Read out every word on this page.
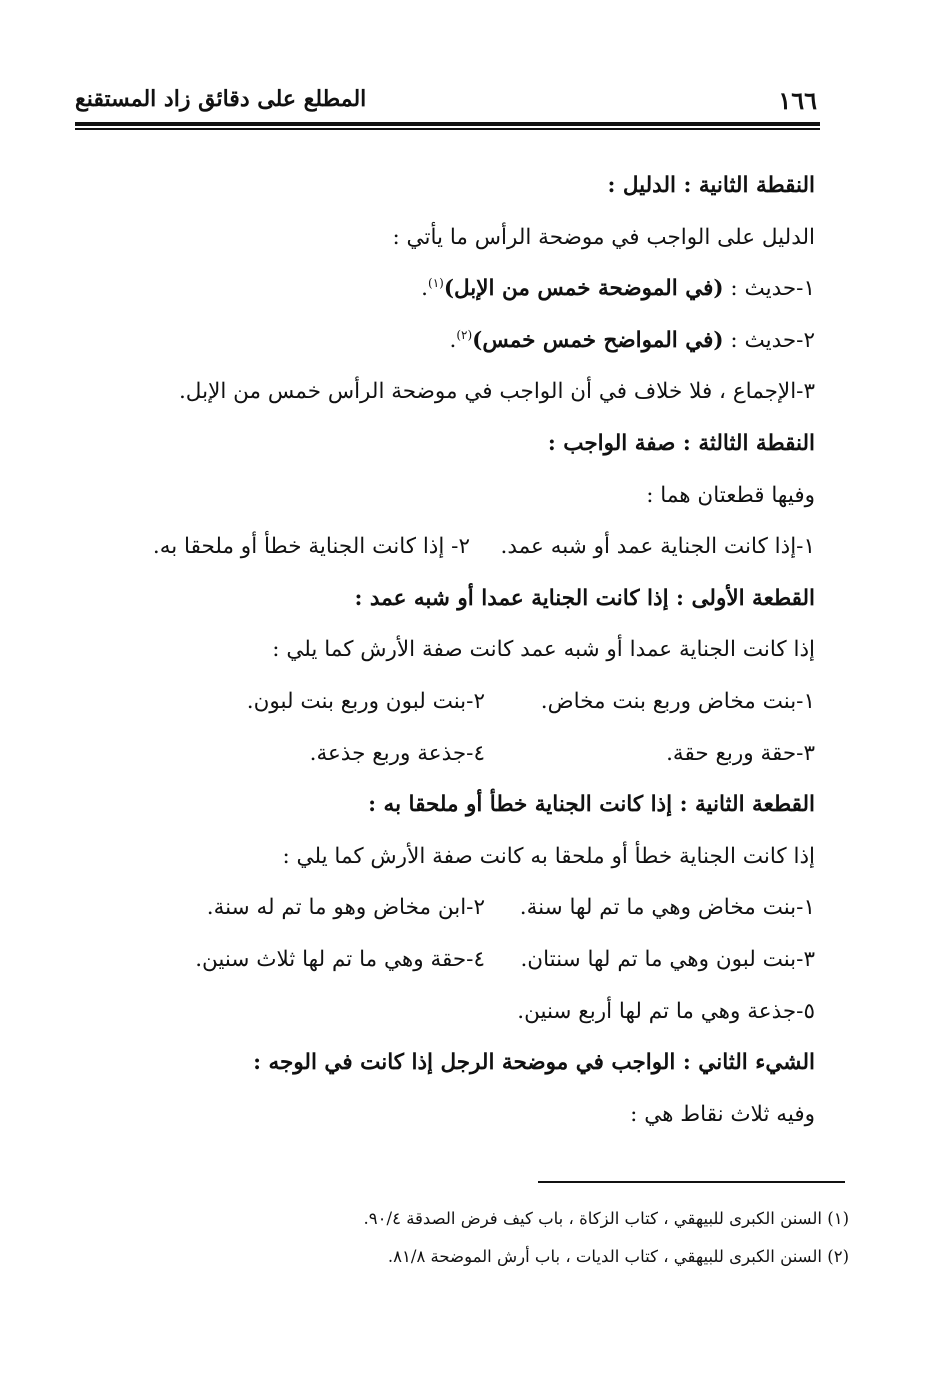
١٦٦
المطلع على دقائق زاد المستقنع
النقطة الثانية : الدليل :
الدليل على الواجب في موضحة الرأس ما يأتي :
١-حديث : (في الموضحة خمس من الإبل)$^{(١)}$.
٢-حديث : (في المواضح خمس خمس)$^{(٢)}$.
٣-الإجماع ، فلا خلاف في أن الواجب في موضحة الرأس خمس من الإبل.
النقطة الثالثة : صفة الواجب :
وفيها قطعتان هما :
١-إذا كانت الجناية عمد أو شبه عمد.
٢- إذا كانت الجناية خطأ أو ملحقا به.
القطعة الأولى : إذا كانت الجناية عمدا أو شبه عمد :
إذا كانت الجناية عمدا أو شبه عمد كانت صفة الأرش كما يلي :
١-بنت مخاض وربع بنت مخاض.
٢-بنت لبون وربع بنت لبون.
٣-حقة وربع حقة.
٤-جذعة وربع جذعة.
القطعة الثانية : إذا كانت الجناية خطأ أو ملحقا به :
إذا كانت الجناية خطأ أو ملحقا به كانت صفة الأرش كما يلي :
١-بنت مخاض وهي ما تم لها سنة.
٢-ابن مخاض وهو ما تم له سنة.
٣-بنت لبون وهي ما تم لها سنتان.
٤-حقة وهي ما تم لها ثلاث سنين.
٥-جذعة وهي ما تم لها أربع سنين.
الشيء الثاني : الواجب في موضحة الرجل إذا كانت في الوجه :
وفيه ثلاث نقاط هي :
(١) السنن الكبرى للبيهقي ، كتاب الزكاة ، باب كيف فرض الصدقة ٩٠/٤.
(٢) السنن الكبرى للبيهقي ، كتاب الديات ، باب أرش الموضحة ٨١/٨.
